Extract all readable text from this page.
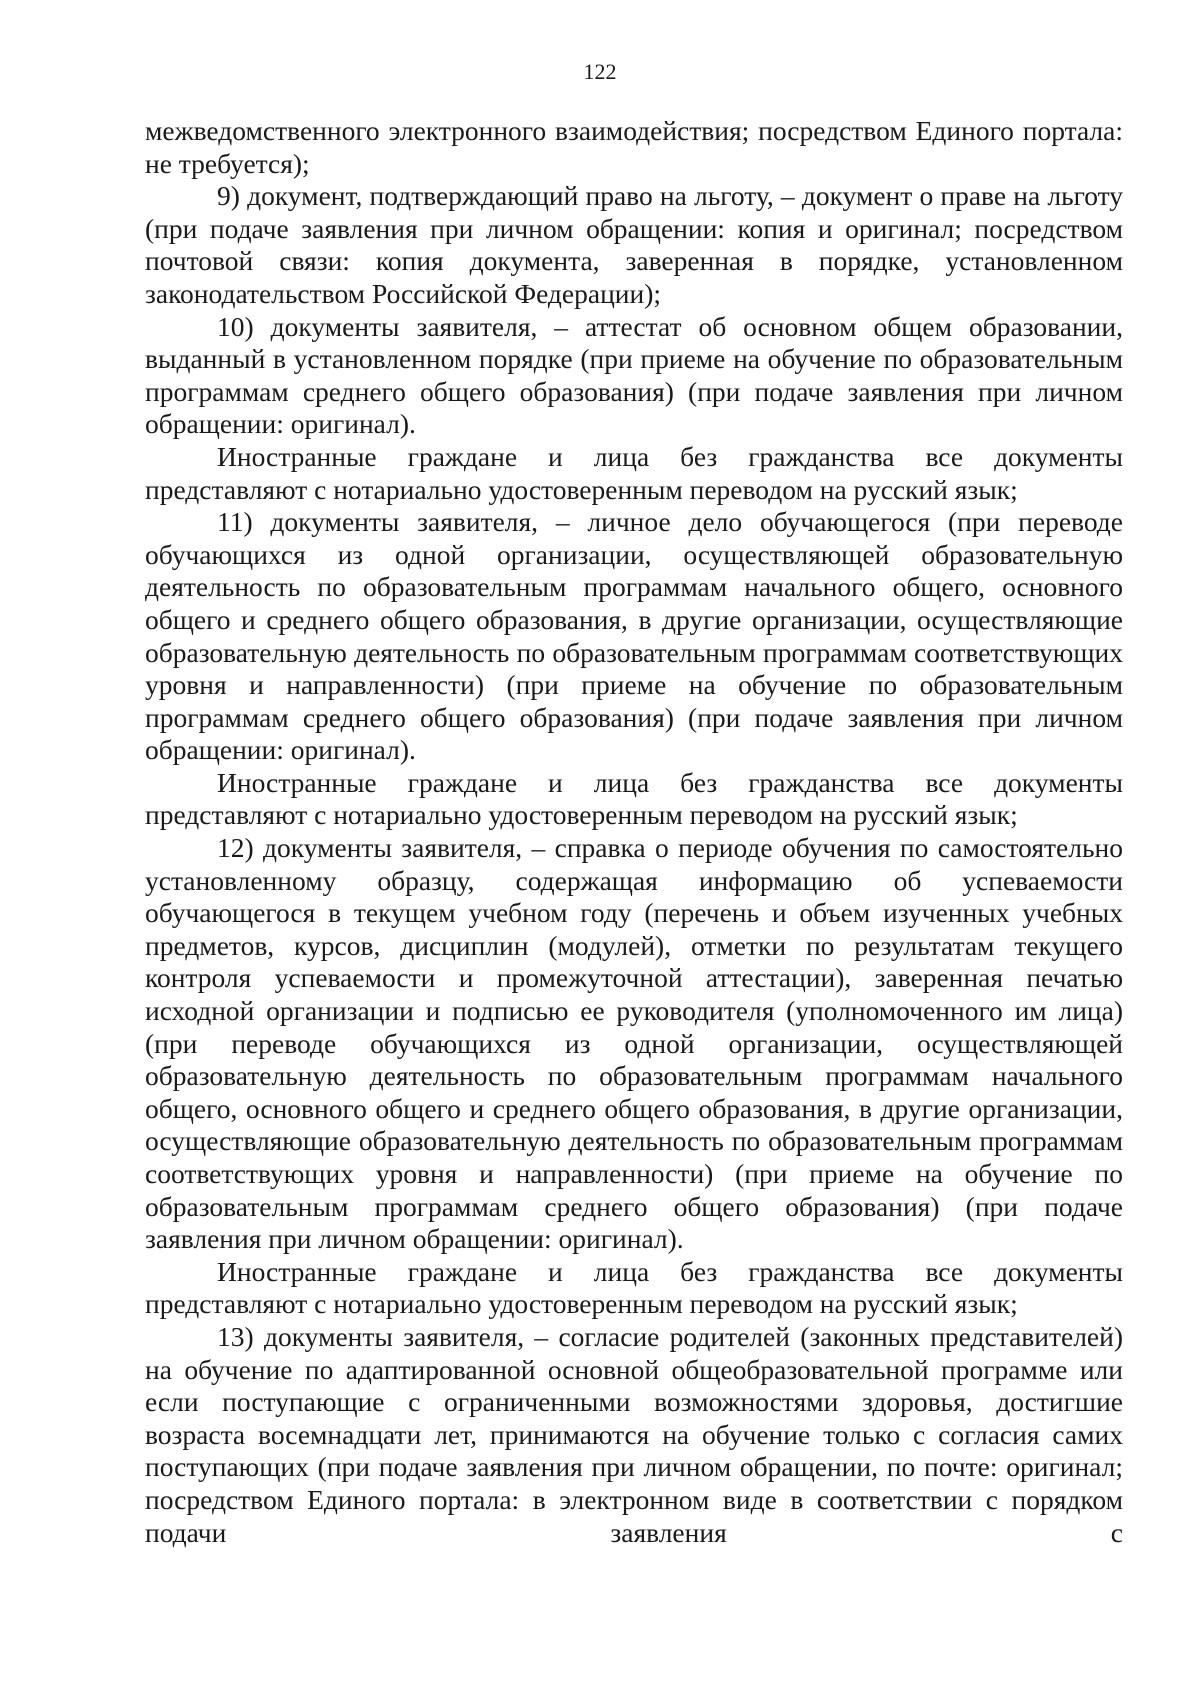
122

межведомственного электронного взаимодействия; посредством Единого портала: не требуется);

9) документ, подтверждающий право на льготу, – документ о праве на льготу (при подаче заявления при личном обращении: копия и оригинал; посредством почтовой связи: копия документа, заверенная в порядке, установленном законодательством Российской Федерации);

10) документы заявителя, – аттестат об основном общем образовании, выданный в установленном порядке (при приеме на обучение по образовательным программам среднего общего образования) (при подаче заявления при личном обращении: оригинал).

Иностранные граждане и лица без гражданства все документы представляют с нотариально удостоверенным переводом на русский язык;

11) документы заявителя, – личное дело обучающегося (при переводе обучающихся из одной организации, осуществляющей образовательную деятельность по образовательным программам начального общего, основного общего и среднего общего образования, в другие организации, осуществляющие образовательную деятельность по образовательным программам соответствующих уровня и направленности) (при приеме на обучение по образовательным программам среднего общего образования) (при подаче заявления при личном обращении: оригинал).

Иностранные граждане и лица без гражданства все документы представляют с нотариально удостоверенным переводом на русский язык;

12) документы заявителя, – справка о периоде обучения по самостоятельно установленному образцу, содержащая информацию об успеваемости обучающегося в текущем учебном году (перечень и объем изученных учебных предметов, курсов, дисциплин (модулей), отметки по результатам текущего контроля успеваемости и промежуточной аттестации), заверенная печатью исходной организации и подписью ее руководителя (уполномоченного им лица) (при переводе обучающихся из одной организации, осуществляющей образовательную деятельность по образовательным программам начального общего, основного общего и среднего общего образования, в другие организации, осуществляющие образовательную деятельность по образовательным программам соответствующих уровня и направленности) (при приеме на обучение по образовательным программам среднего общего образования) (при подаче заявления при личном обращении: оригинал).

Иностранные граждане и лица без гражданства все документы представляют с нотариально удостоверенным переводом на русский язык;

13) документы заявителя, – согласие родителей (законных представителей) на обучение по адаптированной основной общеобразовательной программе или если поступающие с ограниченными возможностями здоровья, достигшие возраста восемнадцати лет, принимаются на обучение только с согласия самих поступающих (при подаче заявления при личном обращении, по почте: оригинал; посредством Единого портала: в электронном виде в соответствии с порядком подачи заявления с
